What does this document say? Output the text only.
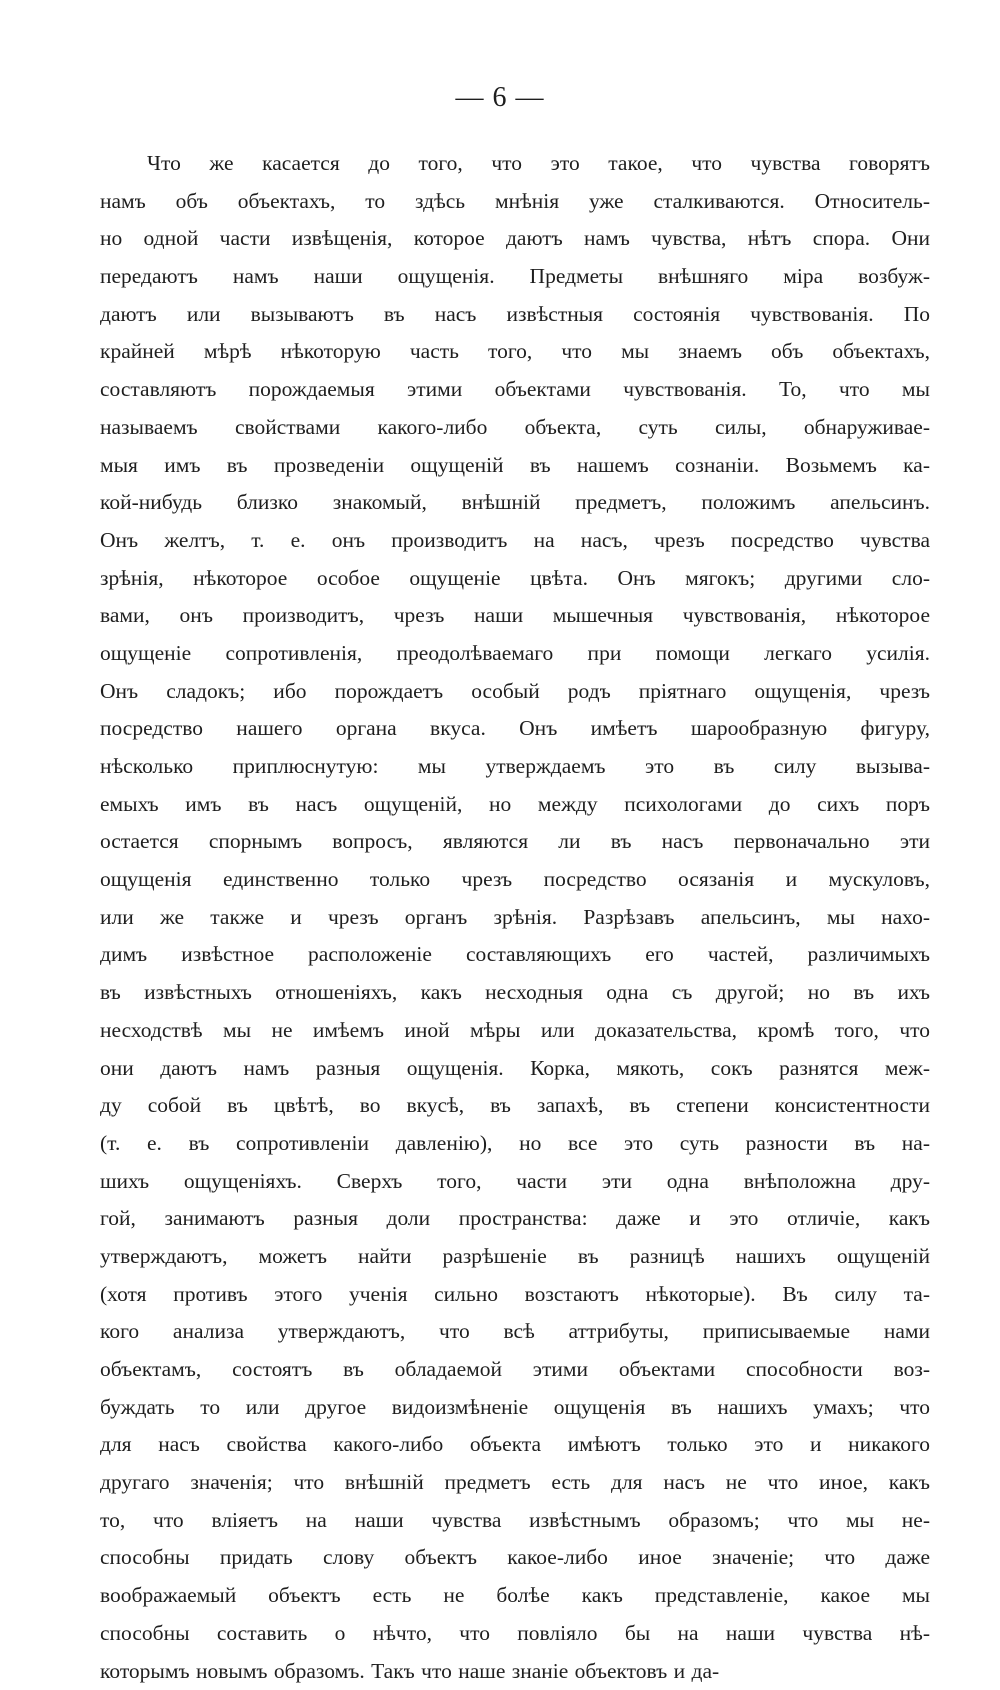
— 6 —
Что же касается до того, что это такое, что чувства говорятъ
намъ объ объектахъ, то здѣсь мнѣнія уже сталкиваются. Относитель-
но одной части извѣщенія, которое даютъ намъ чувства, нѣтъ спора. Они
передаютъ намъ наши ощущенія. Предметы внѣшняго міра возбуж-
даютъ или вызываютъ въ насъ извѣстныя состоянія чувствованія. По
крайней мѣрѣ нѣкоторую часть того, что мы знаемъ объ объектахъ,
составляютъ порождаемыя этими объектами чувствованія. То, что мы
называемъ свойствами какого-либо объекта, суть силы, обнаруживае-
мыя имъ въ прозведеніи ощущеній въ нашемъ сознаніи. Возьмемъ ка-
кой-нибудь близко знакомый, внѣшній предметъ, положимъ апельсинъ.
Онъ желтъ, т. е. онъ производитъ на насъ, чрезъ посредство чувства
зрѣнія, нѣкоторое особое ощущеніе цвѣта. Онъ мягокъ; другими сло-
вами, онъ производитъ, чрезъ наши мышечныя чувствованія, нѣкоторое
ощущеніе сопротивленія, преодолѣваемаго при помощи легкаго усилія.
Онъ сладокъ; ибо порождаетъ особый родъ пріятнаго ощущенія, чрезъ
посредство нашего органа вкуса. Онъ имѣетъ шарообразную фигуру,
нѣсколько приплюснутую: мы утверждаемъ это въ силу вызыва-
емыхъ имъ въ насъ ощущеній, но между психологами до сихъ поръ
остается спорнымъ вопросъ, являются ли въ насъ первоначально эти
ощущенія единственно только чрезъ посредство осязанія и мускуловъ,
или же также и чрезъ органъ зрѣнія. Разрѣзавъ апельсинъ, мы нахо-
димъ извѣстное расположеніе составляющихъ его частей, различимыхъ
въ извѣстныхъ отношеніяхъ, какъ несходныя одна съ другой; но въ ихъ
несходствѣ мы не имѣемъ иной мѣры или доказательства, кромѣ того, что
они даютъ намъ разныя ощущенія. Корка, мякоть, сокъ разнятся меж-
ду собой въ цвѣтѣ, во вкусѣ, въ запахѣ, въ степени консистентности
(т. е. въ сопротивленіи давленію), но все это суть разности въ на-
шихъ ощущеніяхъ. Сверхъ того, части эти одна внѣположна дру-
гой, занимаютъ разныя доли пространства: даже и это отличіе, какъ
утверждаютъ, можетъ найти разрѣшеніе въ разницѣ нашихъ ощущеній
(хотя противъ этого ученія сильно возстаютъ нѣкоторые). Въ силу та-
кого анализа утверждаютъ, что всѣ аттрибуты, приписываемые нами
объектамъ, состоятъ въ обладаемой этими объектами способности воз-
буждать то или другое видоизмѣненіе ощущенія въ нашихъ умахъ; что
для насъ свойства какого-либо объекта имѣютъ только это и никакого
другаго значенія; что внѣшній предметъ есть для насъ не что иное, какъ
то, что вліяетъ на наши чувства извѣстнымъ образомъ; что мы не-
способны придать слову объектъ какое-либо иное значеніе; что даже
воображаемый объектъ есть не болѣе какъ представленіе, какое мы
способны составить о нѣчто, что повліяло бы на наши чувства нѣ-
которымъ новымъ образомъ. Такъ что наше знаніе объектовъ и да-
